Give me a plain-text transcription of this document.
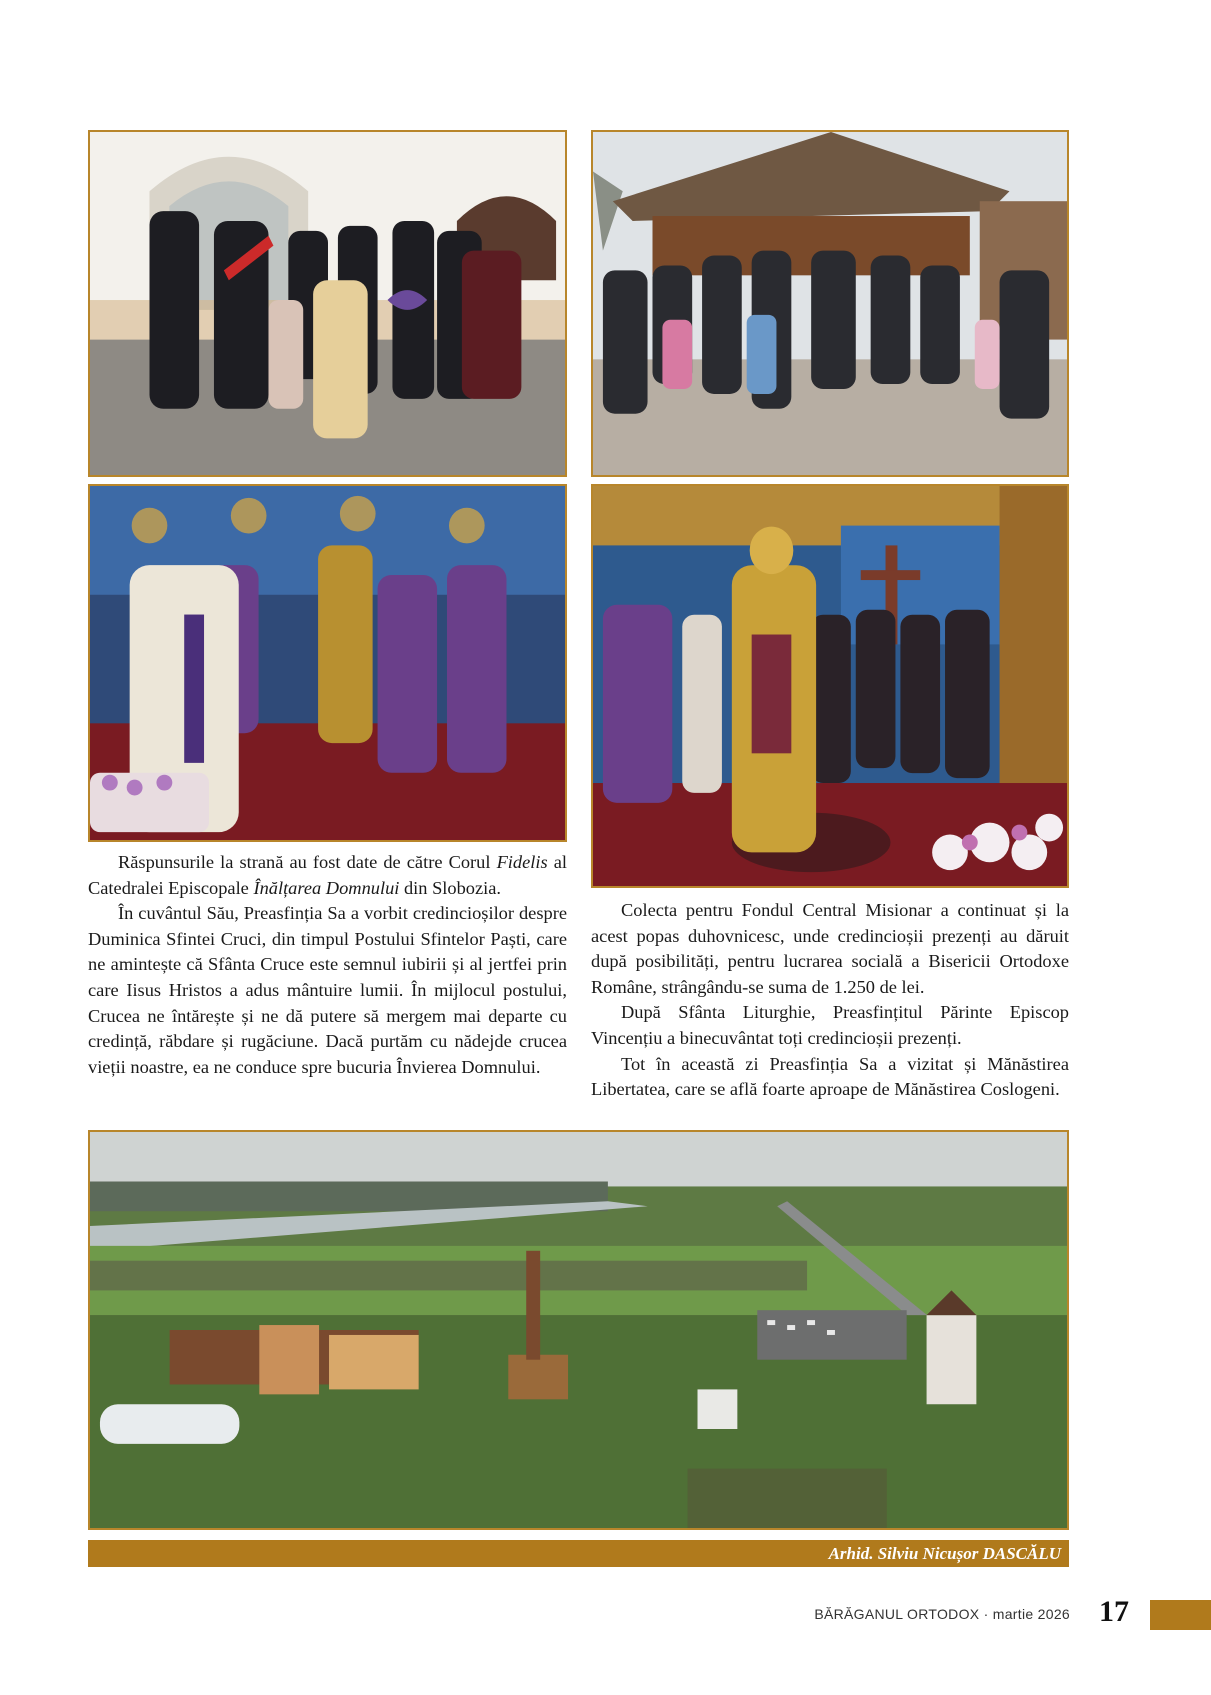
Răspunsurile la strană au fost date de către Corul Fidelis al Catedralei Episcopale Înălțarea Domnului din Slobozia.

În cuvântul Său, Preasfinția Sa a vorbit credincioșilor despre Duminica Sfintei Cruci, din timpul Postului Sfintelor Paști, care ne amintește că Sfânta Cruce este semnul iubirii și al jertfei prin care Iisus Hristos a adus mântuire lumii. În mijlocul postului, Crucea ne întărește și ne dă putere să mergem mai departe cu credință, răbdare și rugăciune. Dacă purtăm cu nădejde crucea vieții noastre, ea ne conduce spre bucuria Învierea Domnului.

Colecta pentru Fondul Central Misionar a continuat și la acest popas duhovnicesc, unde credincioșii prezenți au dăruit după posibilități, pentru lucrarea socială a Bisericii Ortodoxe Române, strângându-se suma de 1.250 de lei.

După Sfânta Liturghie, Preasfințitul Părinte Episcop Vincențiu a binecuvântat toți credincioșii prezenți.

Tot în această zi Preasfinția Sa a vizitat și Mănăstirea Libertatea, care se află foarte aproape de Mănăstirea Coslogeni.

Arhid. Silviu Nicușor DASCĂLU
BĂRĂGANUL ORTODOX · martie 2026 17
